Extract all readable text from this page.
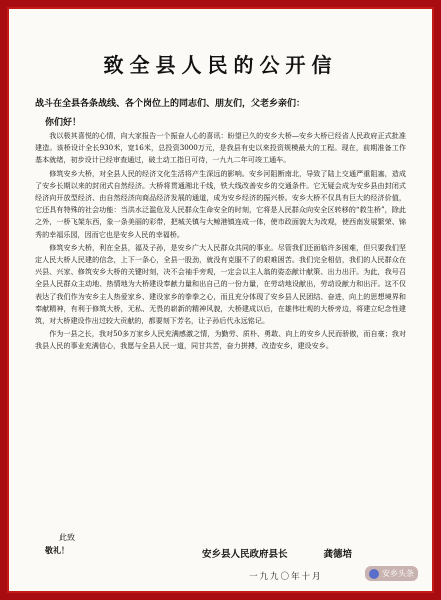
致全县人民的公开信
战斗在全县各条战线、各个岗位上的同志们、朋友们，父老乡亲们：
你们好！

我以极其喜悦的心情，向大家报告一个振奋人心的喜讯：盼望已久的安乡大桥—安乡大桥已经省人民政府正式批准建造。该桥设计全长930米，宽16米，总投资3000万元，是我县有史以来投资规模最大的工程。现在，前期准备工作基本就绪，初步设计已经审查通过，破土动工指日可待，一九九二年可竣工通车。

修筑安乡大桥，对全县人民的经济文化生活将产生深远的影响。安乡河阻断南北，导致了陆上交通严重阻塞，造成了安乡长期以来的封闭式自然经济。大桥将贯通湘北千线，铁大线改善安乡的交通条件。它无疑会成为安乡县由封闭式经济向开放型经济、由自然经济向商品经济发展的通道，成为安乡经济的振兴桥。安乡大桥不仅具有巨大的经济价值，它还具有特殊的社会功能：当洪水泛滥危及人民群众生命安全的时刻，它将是人民群众向安全区转移的“救生桥”，除此之外，一桥飞架东西，象一条美丽的彩带，把城关镇与大鲸港镇连成一体，使市政面貌大为改观，使西南发展繁荣、锦秀的幸福乐园，因而它也是安乡人民的幸福桥。

修筑安乡大桥，利在全县，福及子孙，是安乡广大人民群众共同的事业。尽管我们还面临许多困难，但只要我们坚定人民大桥人民建的信念，上下一条心，全县一股劲，就没有克服不了的艰难困苦。我们完全相信，我们的人民群众在兴县、兴家、修筑安乡大桥的关键时刻，决不会袖手旁观，一定会以主人翁的姿态献计献策、出力出汗。为此，我号召全县人民群众主动地、热情地为大桥建设奉献力量和出自己的一份力量，在劳动地设献出，劳动设献力和出汗。这不仅表达了我们作为安乡主人热爱家乡、建设家乡的拳拳之心，而且充分体现了安乡县人民团结、奋进，向上的思想境界和奉献精神，有利于修筑大桥，无私、无畏的崭新的精神风貌，大桥建成以后，在雄伟壮观的大桥旁边，将建立纪念性建筑，对大桥建设作出过较大贡献的，都要刻下芳名，让子孙后代永远铭记。

作为一县之长，我对50多万家乡人民充满感激之情，为勤劳、质朴、勇敢、向上的安乡人民而骄傲，而自豪；我对我县人民的事业充满信心，我愿与全县人民一道，同甘共苦，奋力拼搏，改造安乡，建设安乡。

此致
敬礼！	安乡县人民政府县长	龚德培
一九九〇年十月	安乡头条
